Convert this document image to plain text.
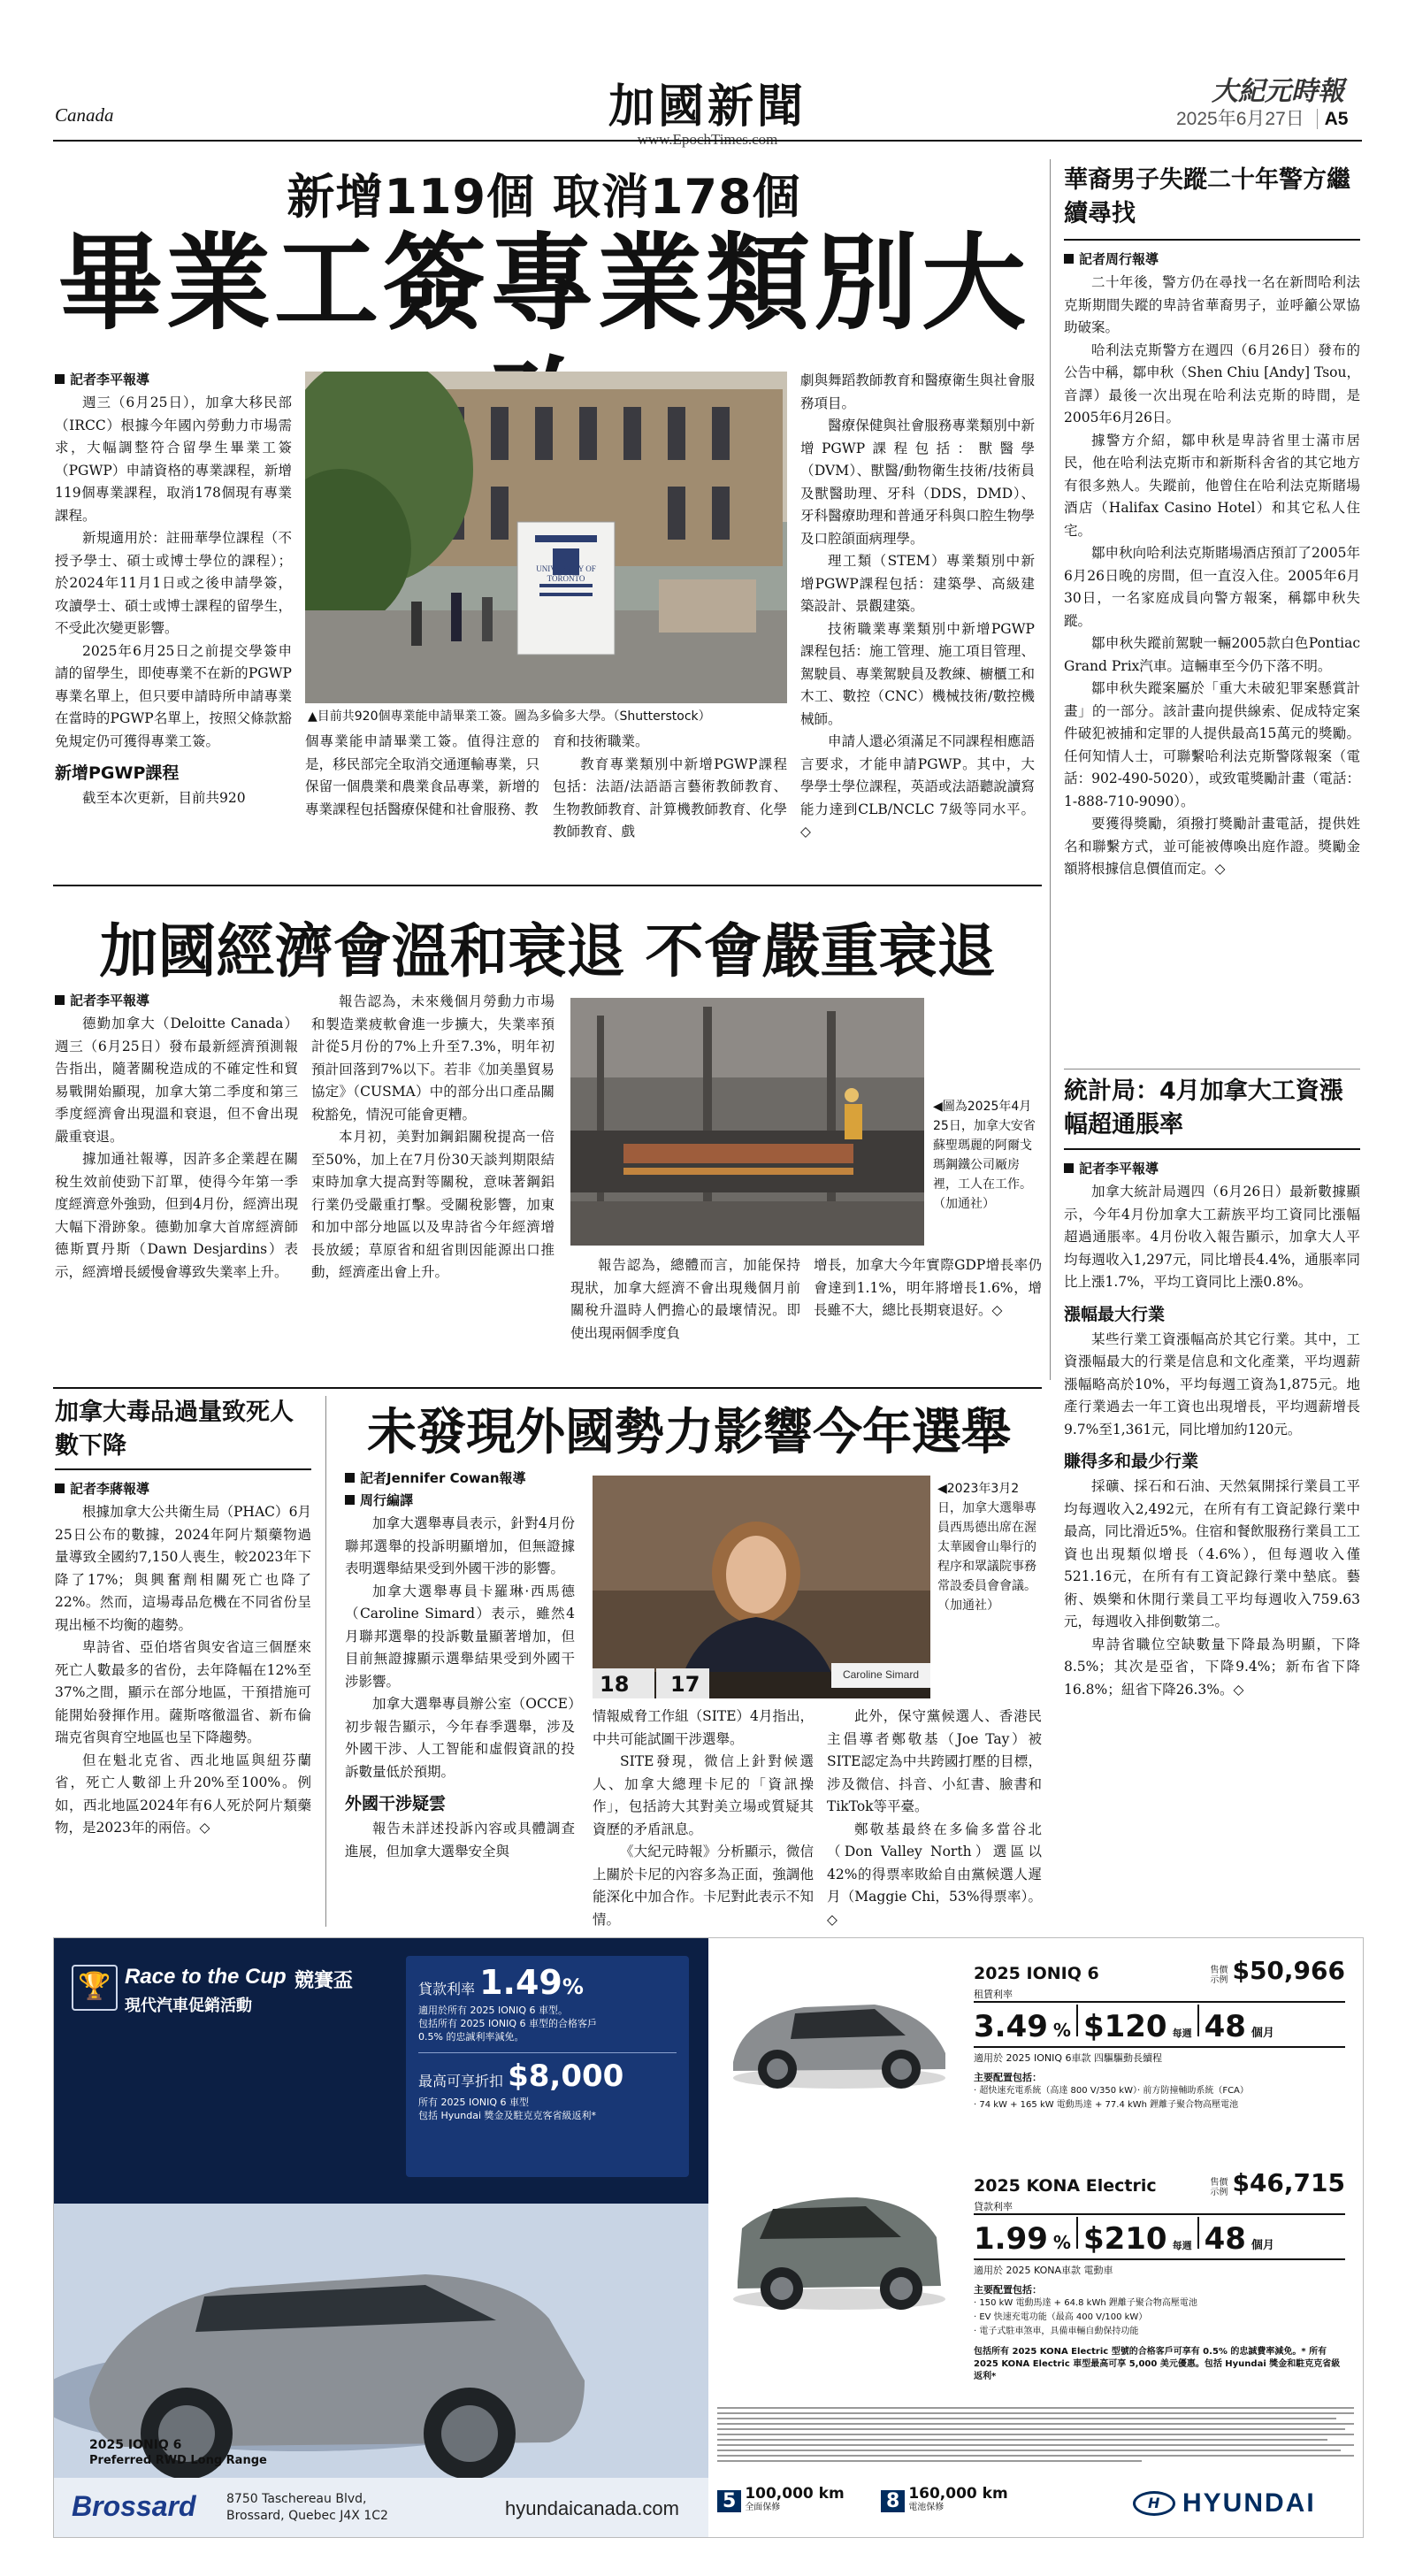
Canada	加國新聞	大紀元時報
2025年6月27日 A5
新增119個 取消178個
畢業工簽專業類別大
記者李平報導

週三（6月25日），加拿大移民部（IRCC）根據今年國內勞動力市場需求，大幅調整符合留學生畢業工簽（PGWP）申請資格的專業課程，新增119個專業課程，取消178個現有專業課程。

新規適用於：註冊華學位課程（不授予學士、碩士或博士學位的課程）；於2024年11月1日或之後申請學簽，攻讀學士、碩士或博士課程的留學生，不受此次變更影響。

2025年6月25日之前提交學簽申請的留學生，即使專業不在新的PGWP專業名單上，但只要申請時所申請專業在當時的PGWP名單上，按照父條款豁免規定仍可獲得專業工簽。

新增PGWP課程

截至本次更新，目前共920

UNIVERSITY OF TORONTO
▲目前共920個專業能申請畢業工簽。圖為多倫多大學。（Shutterstock）

個專業能申請畢業工簽。值得注意的是，移民部完全取消交通運輸專業，只保留一個農業和農業食品專業，新增的專業課程包括醫療保健和社會服務、教

育和技術職業。

教育專業類別中新增PGWP課程包括：法語/法語語言藝術教師教育、生物教師教育、計算機教師教育、化學教師教育、戲

劇與舞蹈教師教育和醫療衛生與社會服務項目。

醫療保健與社會服務專業類別中新增PGWP課程包括：獸醫學（DVM）、獸醫/動物衛生技術/技術員及獸醫助理、牙科（DDS，DMD）、牙科醫療助理和普通牙科與口腔生物學及口腔頜面病理學。

理工類（STEM）專業類別中新增PGWP課程包括：建築學、高級建築設計、景觀建築。

技術職業專業類別中新增PGWP課程包括：施工管理、施工項目管理、駕駛員、專業駕駛員及教練、櫥櫃工和木工、數控（CNC）機械技術/數控機械師。

申請人還必須滿足不同課程相應語言要求，才能申請PGWP。其中，大學學士學位課程，英語或法語聽說讀寫能力達到CLB/NCLC 7級等同水平。◇

華裔男子失蹤二十年警方繼續尋找
記者周行報導

二十年後，警方仍在尋找一名在新問哈利法克斯期間失蹤的卑詩省華裔男子，並呼籲公眾協助破案。

哈利法克斯警方在週四（6月26日）發布的公告中稱，鄒申秋（Shen Chiu [Andy] Tsou，音譯）最後一次出現在哈利法克斯的時間，是2005年6月26日。

據警方介紹，鄒申秋是卑詩省里士滿市居民，他在哈利法克斯市和新斯科舍省的其它地方有很多熟人。失蹤前，他曾住在哈利法克斯賭場酒店（Halifax Casino Hotel）和其它私人住宅。

鄒申秋向哈利法克斯賭場酒店預訂了2005年6月26日晚的房間，但一直沒入住。2005年6月30日，一名家庭成員向警方報案，稱鄒申秋失蹤。

鄒申秋失蹤前駕駛一輛2005款白色Pontiac Grand Prix汽車。這輛車至今仍下落不明。

鄒申秋失蹤案屬於「重大未破犯罪案懸賞計畫」的一部分。該計畫向提供線索、促成特定案件破犯被捕和定罪的人提供最高15萬元的獎勵。任何知情人士，可聯繫哈利法克斯警隊報案（電話：902-490-5020），或致電獎勵計畫（電話：1-888-710-9090）。

要獲得獎勵，須撥打獎勵計畫電話，提供姓名和聯繫方式，並可能被傳喚出庭作證。獎勵金額將根據信息價值而定。◇

統計局：4月加拿大工資漲幅超通脹率
記者李平報導

加拿大統計局週四（6月26日）最新數據顯示，今年4月份加拿大工薪族平均工資同比漲幅超過通脹率。4月份收入報告顯示，加拿大人平均每週收入1,297元，同比增長4.4%，通脹率同比上漲1.7%，平均工資同比上漲0.8%。

漲幅最大行業

某些行業工資漲幅高於其它行業。其中，工資漲幅最大的行業是信息和文化產業，平均週薪漲幅略高於10%，平均每週工資為1,875元。地產行業過去一年工資也出現增長，平均週薪增長9.7%至1,361元，同比增加約120元。

賺得多和最少行業

採礦、採石和石油、天然氣開採行業員工平均每週收入2,492元，在所有有工資記錄行業中最高，同比滑近5%。住宿和餐飲服務行業員工工資也出現類似增長（4.6%），但每週收入僅521.16元，在所有有工資記錄行業中墊底。藝術、娛樂和休閒行業員工平均每週收入759.63元，每週收入排倒數第二。

卑詩省職位空缺數量下降最為明顯，下降8.5%；其次是亞省，下降9.4%；新布省下降16.8%；紐省下降26.3%。◇

加國經濟會溫和衰退 不會嚴重衰退
記者李平報導

德勤加拿大（Deloitte Canada）週三（6月25日）發布最新經濟預測報告指出，隨著關稅造成的不確定性和貿易戰開始顯現，加拿大第二季度和第三季度經濟會出現溫和衰退，但不會出現嚴重衰退。

據加通社報導，因許多企業趕在關稅生效前使勁下訂單，使得今年第一季度經濟意外強勁，但到4月份，經濟出現大幅下滑跡象。德勤加拿大首席經濟師德斯賈丹斯（Dawn Desjardins）表示，經濟增長緩慢會導致失業率上升。

報告認為，未來幾個月勞動力市場和製造業疲軟會進一步擴大，失業率預計從5月份的7%上升至7.3%，明年初預計回落到7%以下。若非《加美墨貿易協定》（CUSMA）中的部分出口產品關稅豁免，情況可能會更糟。

本月初，美對加鋼鋁關稅提高一倍至50%，加上在7月份30天談判期限結束時加拿大提高對等關稅，意味著鋼鋁行業仍受嚴重打擊。受關稅影響，加東和加中部分地區以及卑詩省今年經濟增長放緩；草原省和紐省則因能源出口推動，經濟產出會上升。

◀圖為2025年4月25日，加拿大安省蘇聖瑪麗的阿爾戈瑪鋼鐵公司厰房裡，工人在工作。（加通社）

報告認為，總體而言，加能保持現狀，加拿大經濟不會出現幾個月前關稅升溫時人們擔心的最壞情況。即使出現兩個季度負

增長，加拿大今年實際GDP增長率仍會達到1.1%，明年將增長1.6%，增長雖不大，總比長期衰退好。◇

加拿大毒品過量致死人數下降
記者李蔣報導

根據加拿大公共衛生局（PHAC）6月25日公布的數據，2024年阿片類藥物過量導致全國約7,150人喪生，較2023年下降了17%；與興奮劑相關死亡也降了22%。然而，這場毒品危機在不同省份呈現出極不均衡的趨勢。

卑詩省、亞伯塔省與安省這三個歷來死亡人數最多的省份，去年降幅在12%至37%之間，顯示在部分地區，干預措施可能開始發揮作用。薩斯喀徹溫省、新布倫瑞克省與育空地區也呈下降趨勢。

但在魁北克省、西北地區與紐芬蘭省，死亡人數卻上升20%至100%。例如，西北地區2024年有6人死於阿片類藥物，是2023年的兩倍。◇

未發現外國勢力影響今年選舉
記者Jennifer Cowan報導
周行編譯

加拿大選舉專員表示，針對4月份聯邦選舉的投訴明顯增加，但無證據表明選舉結果受到外國干涉的影響。

加拿大選舉專員卡羅琳·西馬德（Caroline Simard）表示，雖然4月聯邦選舉的投訴數量顯著增加，但目前無證據顯示選舉結果受到外國干涉影響。

加拿大選舉專員辦公室（OCCE）初步報告顯示，今年春季選舉，涉及外國干涉、人工智能和虛假資訊的投訴數量低於預期。

外國干涉疑雲

報告未詳述投訴內容或具體調查進展，但加拿大選舉安全與

Caroline Simard
18 17
◀2023年3月2日，加拿大選舉專員西馬德出席在渥太華國會山舉行的程序和眾議院事務常設委員會會議。（加通社）

情報威脅工作組（SITE）4月指出，中共可能試圖干涉選舉。

SITE發現，微信上針對候選人、加拿大總理卡尼的「資訊操作」，包括誇大其對美立場或質疑其資歷的矛盾訊息。

《大紀元時報》分析顯示，微信上關於卡尼的內容多為正面，強調他能深化中加合作。卡尼對此表示不知情。

此外，保守黨候選人、香港民主倡導者鄭敬基（Joe Tay）被SITE認定為中共跨國打壓的目標，涉及微信、抖音、小紅書、臉書和TikTok等平臺。

鄭敬基最終在多倫多當谷北（Don Valley North）選區以42%的得票率敗給自由黨候選人遲月（Maggie Chi，53%得票率）。◇

🏆 Race to the Cup 競賽盃
現代汽車促銷活動
貸款利率 1.49%
適用於所有 2025 IONIQ 6 車型。
包括所有 2025 IONIQ 6 車型的合格客戶
0.5% 的忠誠利率減免。
最高可享折扣 $8,000
所有 2025 IONIQ 6 車型
包括 Hyundai 獎金及駐克克客省級返利*
2025 IONIQ 6
Preferred RWD Long Range
Brossard 8750 Taschereau Blvd,
Brossard, Quebec J4X 1C2	hyundaicanada.com
2025 IONIQ 6	售價
示例 $50,966
租賃利率
3.49 % $120 每週 48 個月
適用於 2025 IONIQ 6車款 四驅驅動長續程
主要配置包括：
· 超快速充電系統（高達 800 V/350 kW）· 前方防撞輔助系統（FCA）
· 74 kW + 165 kW 電動馬達 + 77.4 kWh 鋰離子聚合物高壓電池
2025 KONA Electric	售價
示例 $46,715
貸款利率
1.99 % $210 每週 48 個月
適用於 2025 KONA車款 電動車
主要配置包括：
· 150 kW 電動馬達 + 64.8 kWh 鋰離子聚合物高壓電池
· EV 快速充電功能（最高 400 V/100 kW）
· 電子式駐車煞車，具備車輛自動保持功能
包括所有 2025 KONA Electric 型號的合格客戶可享有 0.5% 的忠誠費率減免。* 所有 2025 KONA Electric 車型最高可享 5,000 美元優惠。包括 Hyundai 獎金和駐克克省級返利*
5 100,000 km
全面保修	8 160,000 km
電池保修	H HYUNDAI
